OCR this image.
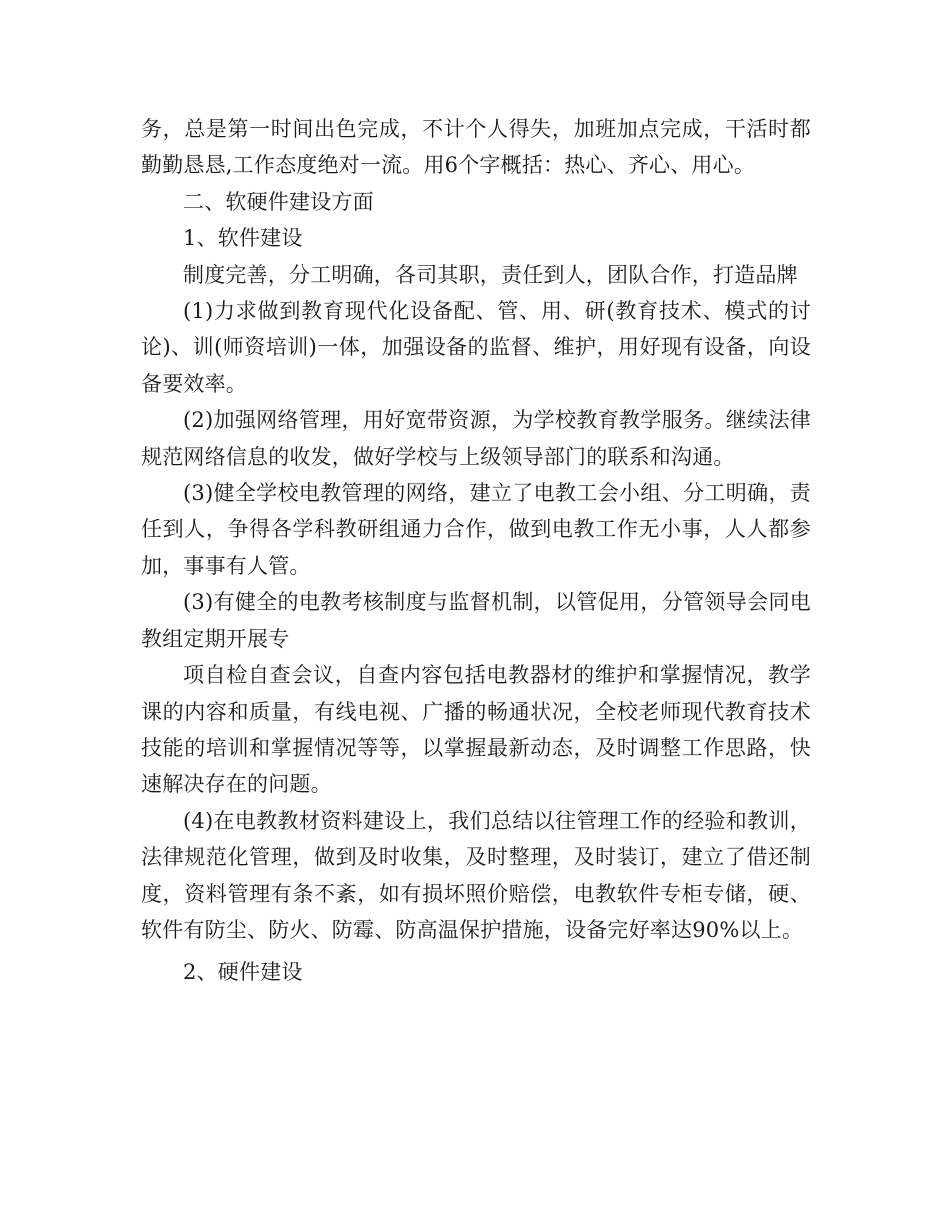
务，总是第一时间出色完成，不计个人得失，加班加点完成，干活时都勤勤恳恳,工作态度绝对一流。用6个字概括：热心、齐心、用心。

二、软硬件建设方面

1、软件建设

制度完善，分工明确，各司其职，责任到人，团队合作，打造品牌

(1)力求做到教育现代化设备配、管、用、研(教育技术、模式的讨论)、训(师资培训)一体，加强设备的监督、维护，用好现有设备，向设备要效率。

(2)加强网络管理，用好宽带资源，为学校教育教学服务。继续法律规范网络信息的收发，做好学校与上级领导部门的联系和沟通。

(3)健全学校电教管理的网络，建立了电教工会小组、分工明确，责任到人，争得各学科教研组通力合作，做到电教工作无小事，人人都参加，事事有人管。

(3)有健全的电教考核制度与监督机制，以管促用，分管领导会同电教组定期开展专

项自检自查会议，自查内容包括电教器材的维护和掌握情况，教学课的内容和质量，有线电视、广播的畅通状况，全校老师现代教育技术技能的培训和掌握情况等等，以掌握最新动态，及时调整工作思路，快速解决存在的问题。

(4)在电教教材资料建设上，我们总结以往管理工作的经验和教训，法律规范化管理，做到及时收集，及时整理，及时装订，建立了借还制度，资料管理有条不紊，如有损坏照价赔偿，电教软件专柜专储，硬、软件有防尘、防火、防霉、防高温保护措施，设备完好率达90%以上。

2、硬件建设
